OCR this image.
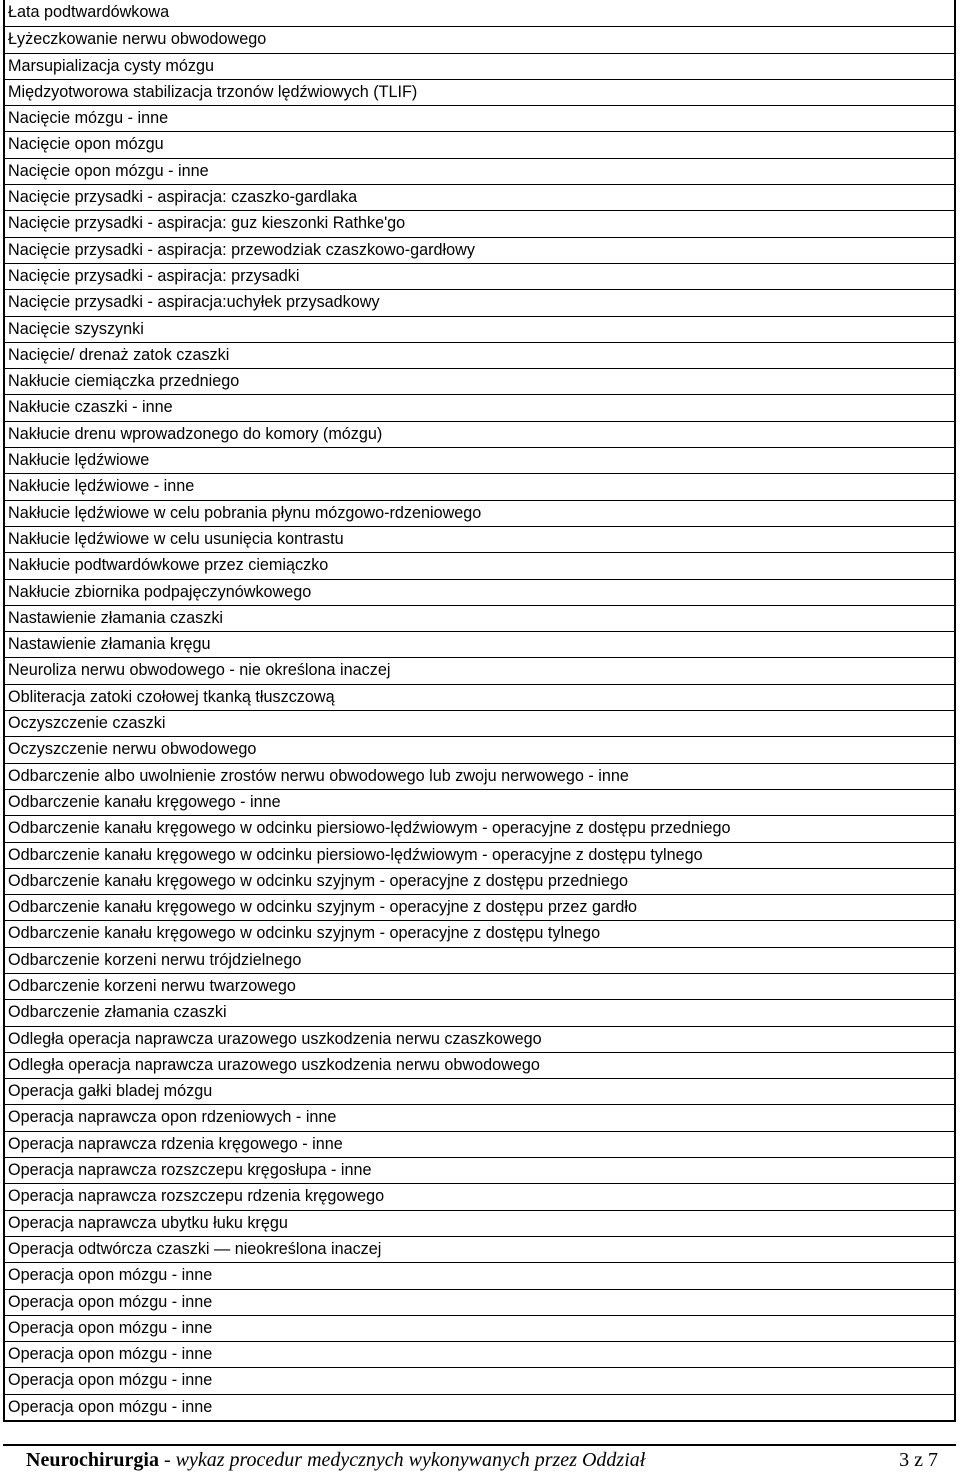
Łata podtwardówkowa
Łyżeczkowanie nerwu obwodowego
Marsupializacja cysty mózgu
Międzyotworowa stabilizacja trzonów lędźwiowych (TLIF)
Nacięcie mózgu - inne
Nacięcie opon mózgu
Nacięcie opon mózgu - inne
Nacięcie przysadki - aspiracja: czaszko-gardlaka
Nacięcie przysadki - aspiracja: guz kieszonki Rathke'go
Nacięcie przysadki - aspiracja: przewodziak czaszkowo-gardłowy
Nacięcie przysadki - aspiracja: przysadki
Nacięcie przysadki - aspiracja:uchyłek przysadkowy
Nacięcie szyszynki
Nacięcie/ drenaż zatok czaszki
Nakłucie ciemiączka przedniego
Nakłucie czaszki - inne
Nakłucie drenu wprowadzonego do komory (mózgu)
Nakłucie lędźwiowe
Nakłucie lędźwiowe - inne
Nakłucie lędźwiowe w celu pobrania płynu mózgowo-rdzeniowego
Nakłucie lędźwiowe w celu usunięcia kontrastu
Nakłucie podtwardówkowe przez ciemiączko
Nakłucie zbiornika podpajęczynówkowego
Nastawienie złamania czaszki
Nastawienie złamania kręgu
Neuroliza nerwu obwodowego - nie określona inaczej
Obliteracja zatoki czołowej tkanką tłuszczową
Oczyszczenie czaszki
Oczyszczenie nerwu obwodowego
Odbarczenie albo uwolnienie zrostów nerwu obwodowego lub zwoju nerwowego - inne
Odbarczenie kanału kręgowego - inne
Odbarczenie kanału kręgowego w odcinku piersiowo-lędźwiowym - operacyjne z dostępu przedniego
Odbarczenie kanału kręgowego w odcinku piersiowo-lędźwiowym - operacyjne z dostępu tylnego
Odbarczenie kanału kręgowego w odcinku szyjnym - operacyjne z dostępu przedniego
Odbarczenie kanału kręgowego w odcinku szyjnym - operacyjne z dostępu przez gardło
Odbarczenie kanału kręgowego w odcinku szyjnym - operacyjne z dostępu tylnego
Odbarczenie korzeni nerwu trójdzielnego
Odbarczenie korzeni nerwu twarzowego
Odbarczenie złamania czaszki
Odległa operacja naprawcza urazowego uszkodzenia nerwu czaszkowego
Odległa operacja naprawcza urazowego uszkodzenia nerwu obwodowego
Operacja gałki bladej mózgu
Operacja naprawcza opon rdzeniowych - inne
Operacja naprawcza rdzenia kręgowego - inne
Operacja naprawcza rozszczepu kręgosłupa - inne
Operacja naprawcza rozszczepu rdzenia kręgowego
Operacja naprawcza ubytku łuku kręgu
Operacja odtwórcza czaszki — nieokreślona inaczej
Operacja opon mózgu - inne
Operacja opon mózgu - inne
Operacja opon mózgu - inne
Operacja opon mózgu - inne
Operacja opon mózgu - inne
Operacja opon mózgu - inne
Neurochirurgia - wykaz procedur medycznych wykonywanych przez Oddział	3 z 7
